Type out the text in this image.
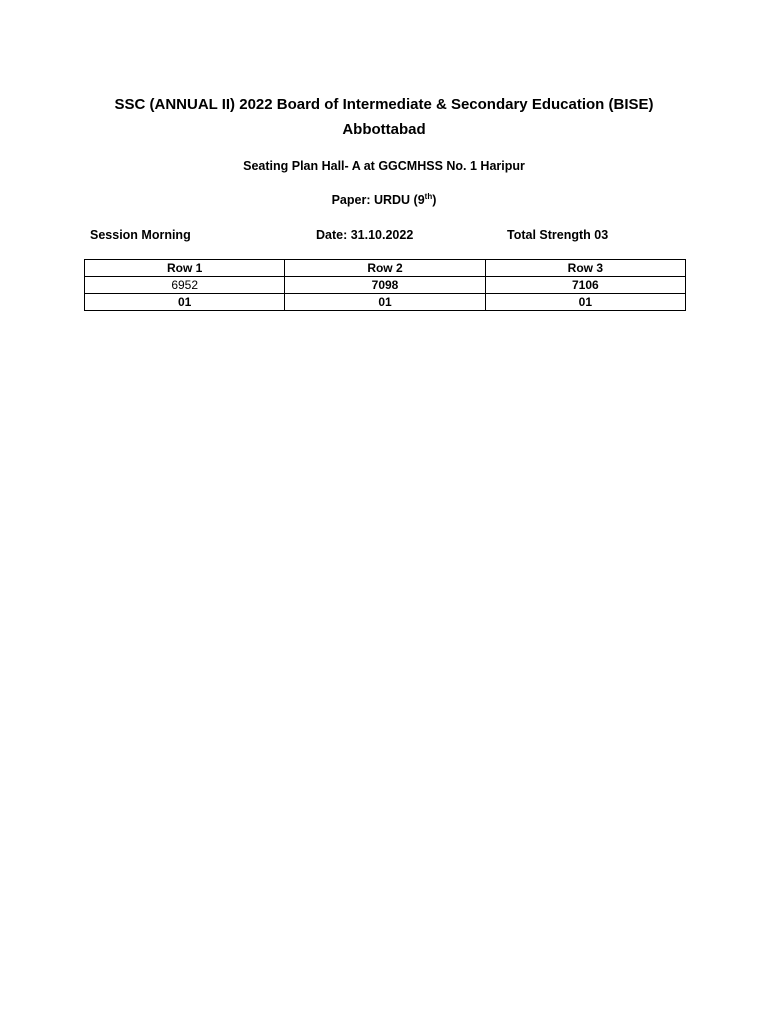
SSC (ANNUAL II) 2022 Board of Intermediate & Secondary Education (BISE)

Abbottabad

Seating Plan Hall- A at GGCMHSS No. 1 Haripur

Paper: URDU (9th)

Session Morning	Date: 31.10.2022	Total Strength 03
Row 1	Row 2	Row 3
6952	7098	7106
01	01	01
